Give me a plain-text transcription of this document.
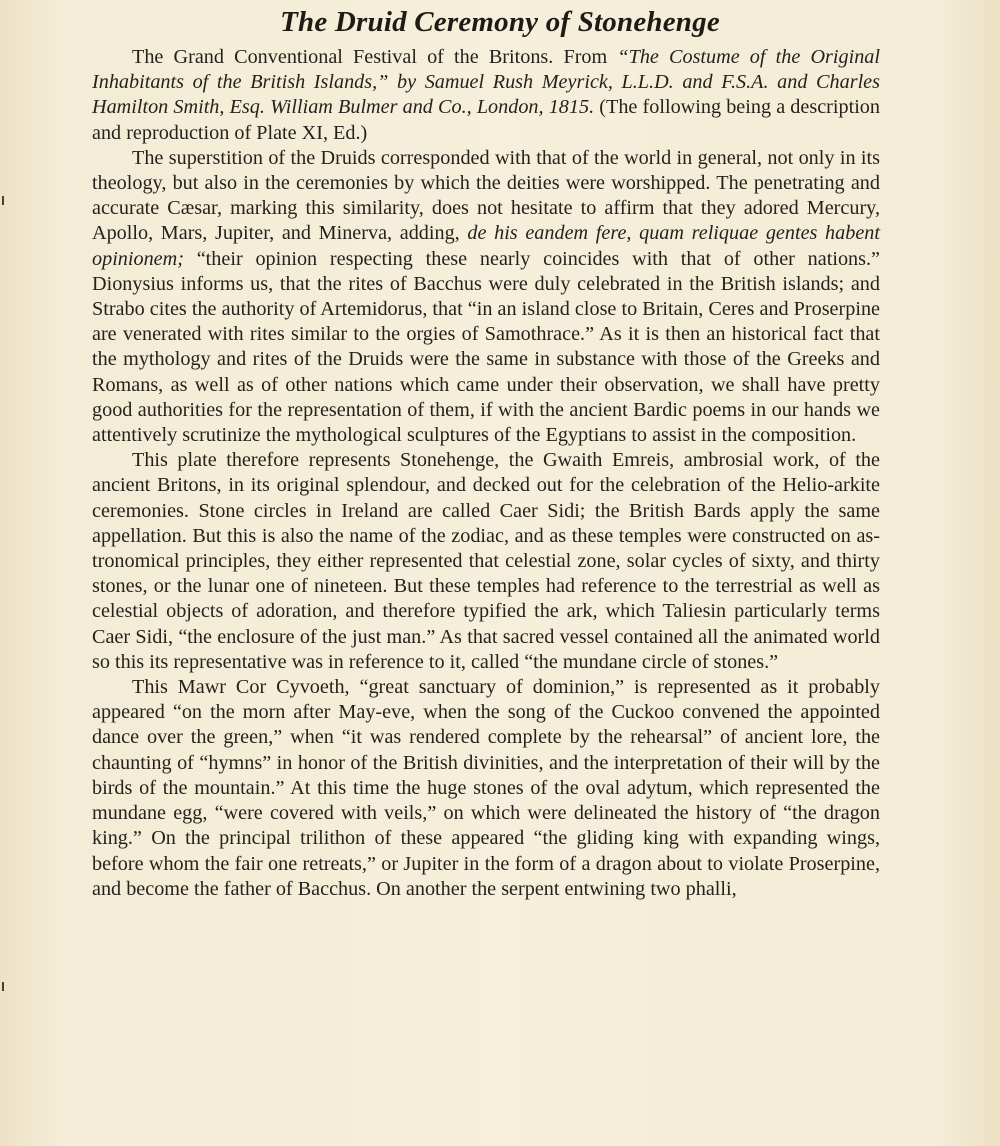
The Druid Ceremony of Stonehenge

The Grand Conventional Festival of the Britons. From “The Costume of the Original Inhabitants of the British Islands,” by Samuel Rush Meyrick, L.L.D. and F.S.A. and Charles Hamilton Smith, Esq. William Bulmer and Co., London, 1815. (The following being a description and reproduction of Plate XI, Ed.)

The superstition of the Druids corresponded with that of the world in general, not only in its theology, but also in the ceremonies by which the deities were worshipped. The penetrating and accurate Cæsar, marking this similarity, does not hesitate to affirm that they adored Mercury, Apollo, Mars, Jupiter, and Minerva, adding, de his eandem fere, quam reliquae gentes habent opinionem; “their opinion respecting these nearly coincides with that of other nations.” Dionysius informs us, that the rites of Bacchus were duly celebrated in the British islands; and Strabo cites the authority of Artemidorus, that “in an island close to Britain, Ceres and Proserpine are venerated with rites similar to the orgies of Samothrace.” As it is then an historical fact that the mythology and rites of the Druids were the same in substance with those of the Greeks and Romans, as well as of other nations which came under their observation, we shall have pretty good authorities for the representation of them, if with the ancient Bardic poems in our hands we attentively scrutinize the mythological sculptures of the Egyptians to assist in the composition.

This plate therefore represents Stonehenge, the Gwaith Emreis, ambrosial work, of the ancient Britons, in its original splendour, and decked out for the celebration of the Helio-arkite ceremonies. Stone circles in Ireland are called Caer Sidi; the British Bards apply the same appellation. But this is also the name of the zodiac, and as these temples were constructed on astronomical principles, they either represented that celestial zone, solar cycles of sixty, and thirty stones, or the lunar one of nineteen. But these temples had reference to the terrestrial as well as celestial objects of adoration, and therefore typified the ark, which Taliesin particularly terms Caer Sidi, “the enclosure of the just man.” As that sacred vessel contained all the animated world so this its representative was in reference to it, called “the mundane circle of stones.”

This Mawr Cor Cyvoeth, “great sanctuary of dominion,” is represented as it probably appeared “on the morn after May-eve, when the song of the Cuckoo convened the appointed dance over the green,” when “it was rendered complete by the rehearsal” of ancient lore, the chaunting of “hymns” in honor of the British divinities, and the interpretation of their will by the birds of the mountain.” At this time the huge stones of the oval adytum, which represented the mundane egg, “were covered with veils,” on which were delineated the history of “the dragon king.” On the principal trilithon of these appeared “the gliding king with expanding wings, before whom the fair one retreats,” or Jupiter in the form of a dragon about to violate Proserpine, and become the father of Bacchus. On another the serpent entwining two phalli,
